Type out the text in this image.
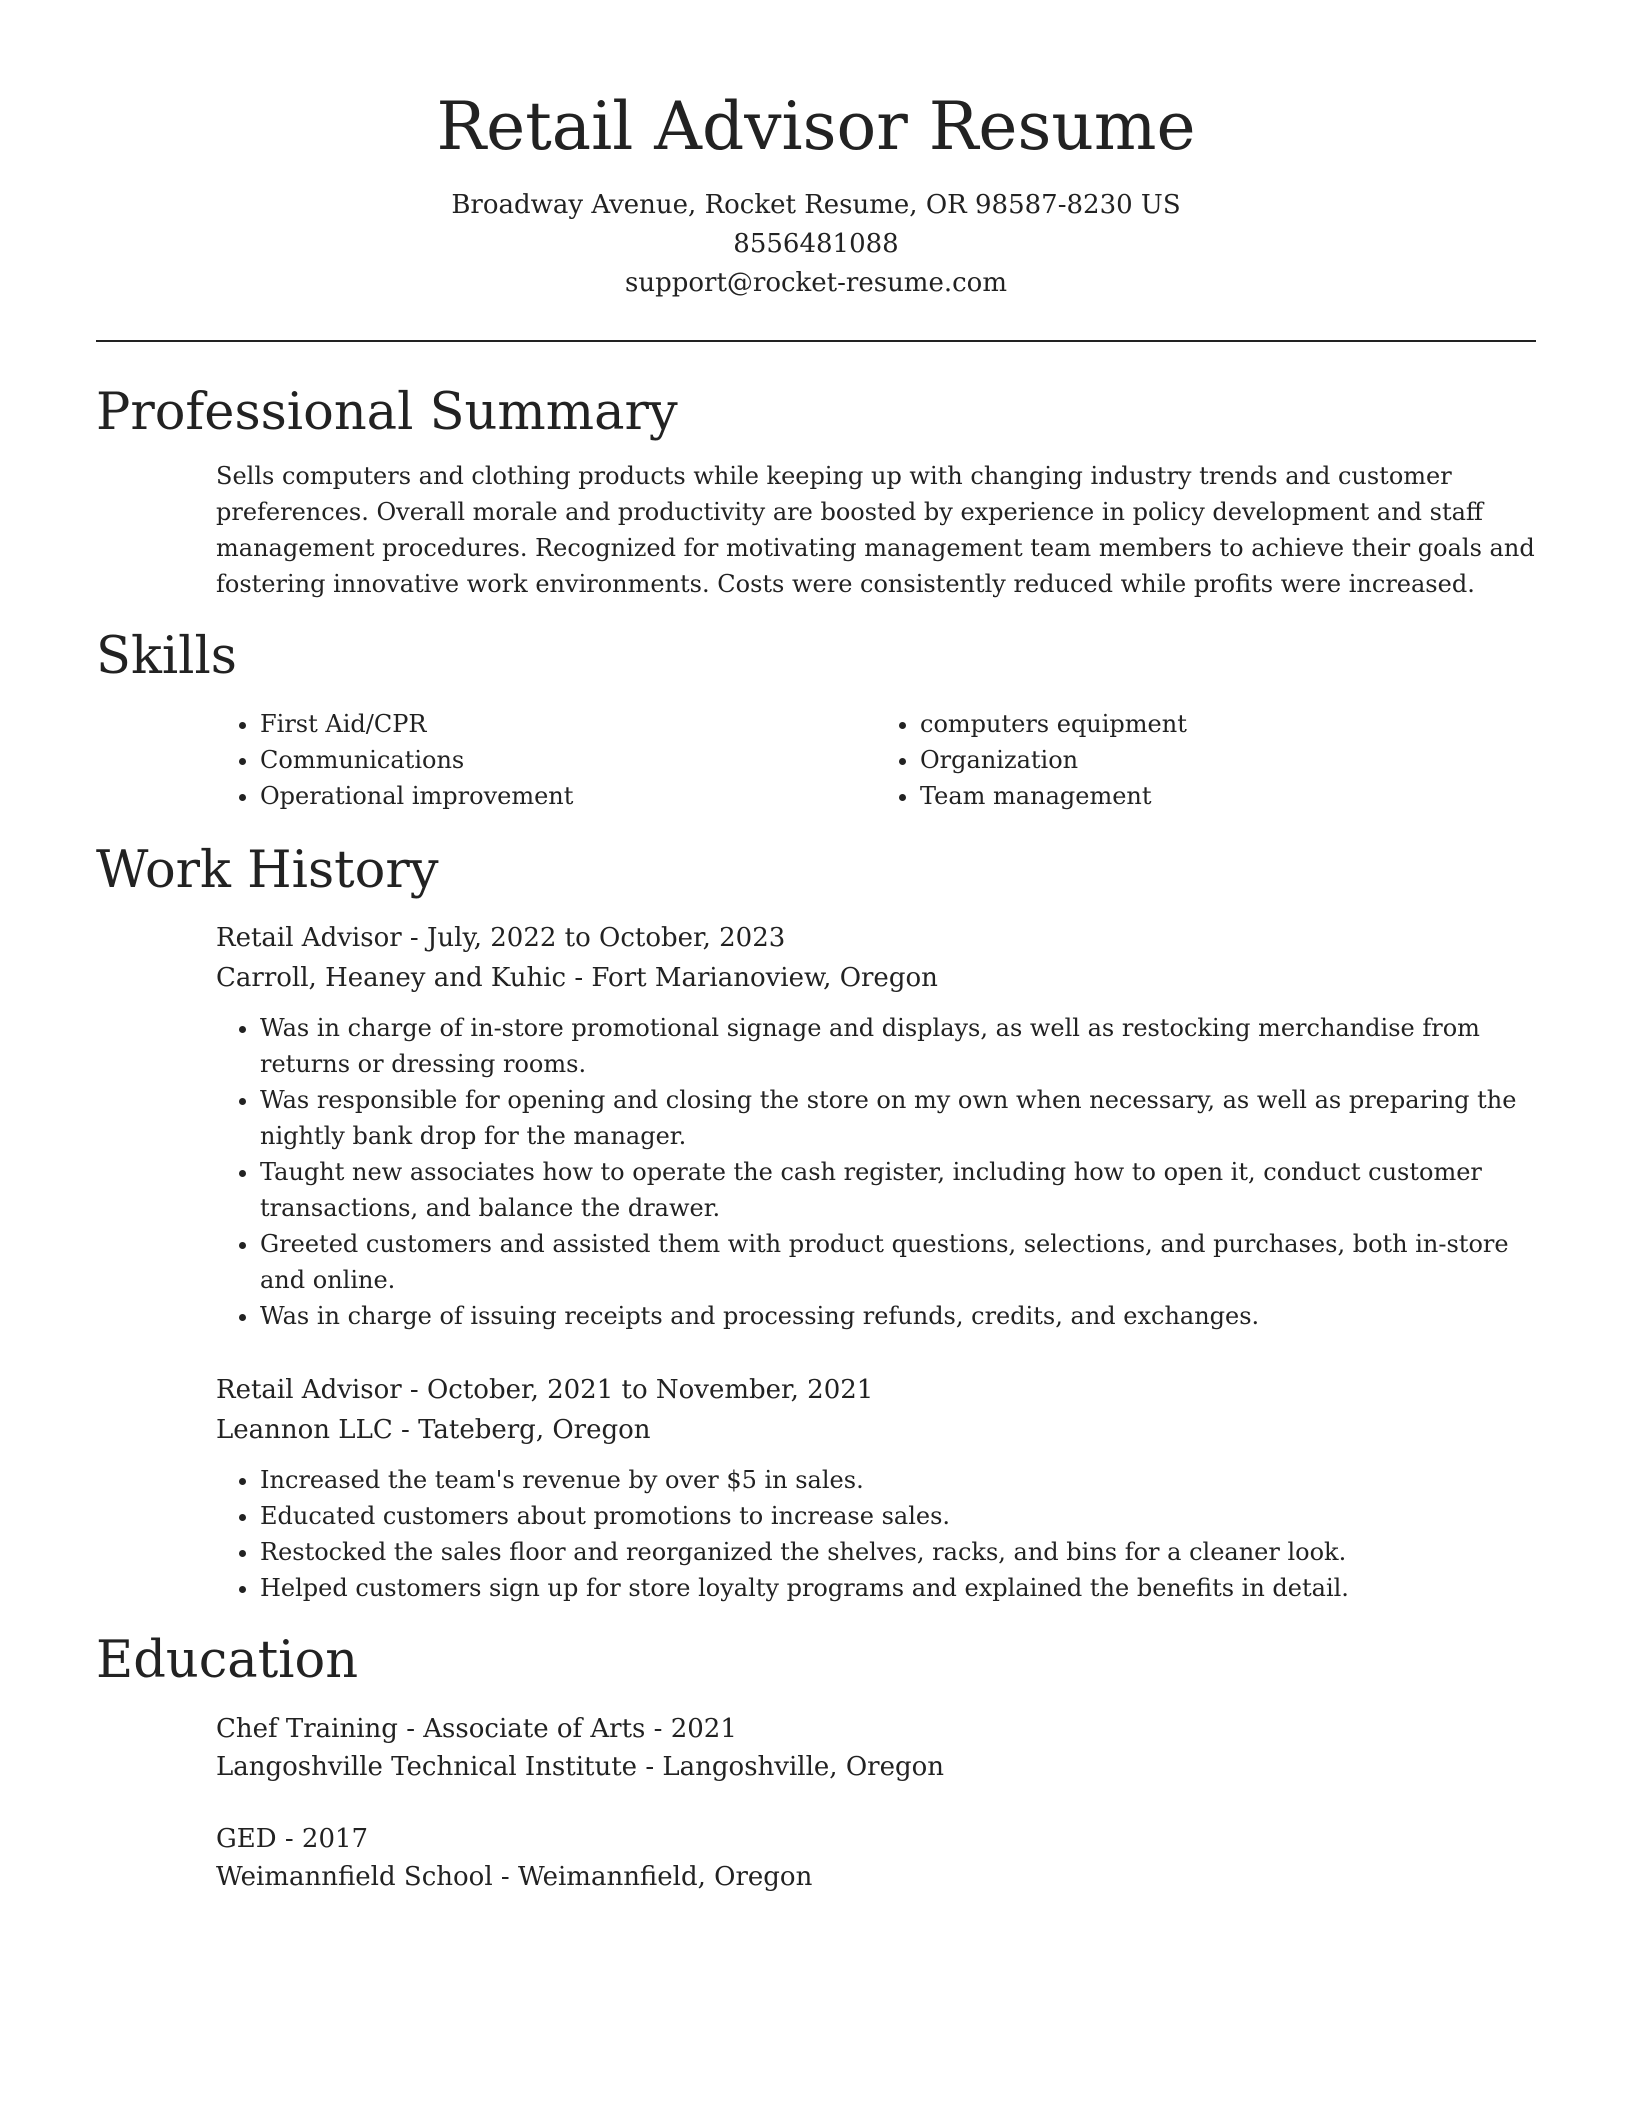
Retail Advisor Resume
Broadway Avenue, Rocket Resume, OR 98587-8230 US
8556481088
support@rocket-resume.com
Professional Summary
Sells computers and clothing products while keeping up with changing industry trends and customer preferences. Overall morale and productivity are boosted by experience in policy development and staff management procedures. Recognized for motivating management team members to achieve their goals and fostering innovative work environments. Costs were consistently reduced while profits were increased.
Skills
• First Aid/CPR
• Communications
• Operational improvement
• computers equipment
• Organization
• Team management
Work History
Retail Advisor - July, 2022 to October, 2023
Carroll, Heaney and Kuhic - Fort Marianoview, Oregon
• Was in charge of in-store promotional signage and displays, as well as restocking merchandise from returns or dressing rooms.
• Was responsible for opening and closing the store on my own when necessary, as well as preparing the nightly bank drop for the manager.
• Taught new associates how to operate the cash register, including how to open it, conduct customer transactions, and balance the drawer.
• Greeted customers and assisted them with product questions, selections, and purchases, both in-store and online.
• Was in charge of issuing receipts and processing refunds, credits, and exchanges.
Retail Advisor - October, 2021 to November, 2021
Leannon LLC - Tateberg, Oregon
• Increased the team's revenue by over $5 in sales.
• Educated customers about promotions to increase sales.
• Restocked the sales floor and reorganized the shelves, racks, and bins for a cleaner look.
• Helped customers sign up for store loyalty programs and explained the benefits in detail.
Education
Chef Training - Associate of Arts - 2021
Langoshville Technical Institute - Langoshville, Oregon
GED - 2017
Weimannfield School - Weimannfield, Oregon
